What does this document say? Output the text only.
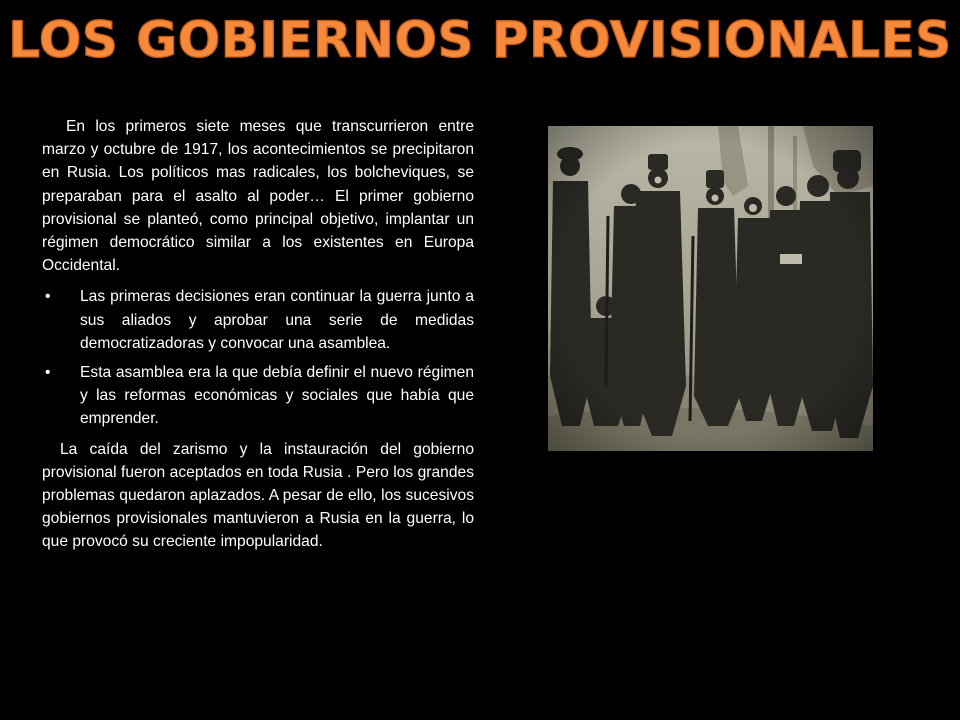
LOS GOBIERNOS PROVISIONALES

En los primeros siete meses que transcurrieron entre marzo y octubre de 1917, los acontecimientos se precipitaron en Rusia. Los políticos mas radicales, los bolcheviques, se preparaban para el asalto al poder… El primer gobierno provisional se planteó, como principal objetivo, implantar un régimen democrático similar a los existentes en Europa Occidental.

• Las primeras decisiones eran continuar la guerra junto a sus aliados y aprobar una serie de medidas democratizadoras y convocar una asamblea.
• Esta asamblea era la que debía definir el nuevo régimen y las reformas económicas y sociales que había que emprender.

La caída del zarismo y la instauración del gobierno provisional fueron aceptados en toda Rusia . Pero los grandes problemas quedaron aplazados. A pesar de ello, los sucesivos gobiernos provisionales mantuvieron a Rusia en la guerra, lo que provocó su creciente impopularidad.
